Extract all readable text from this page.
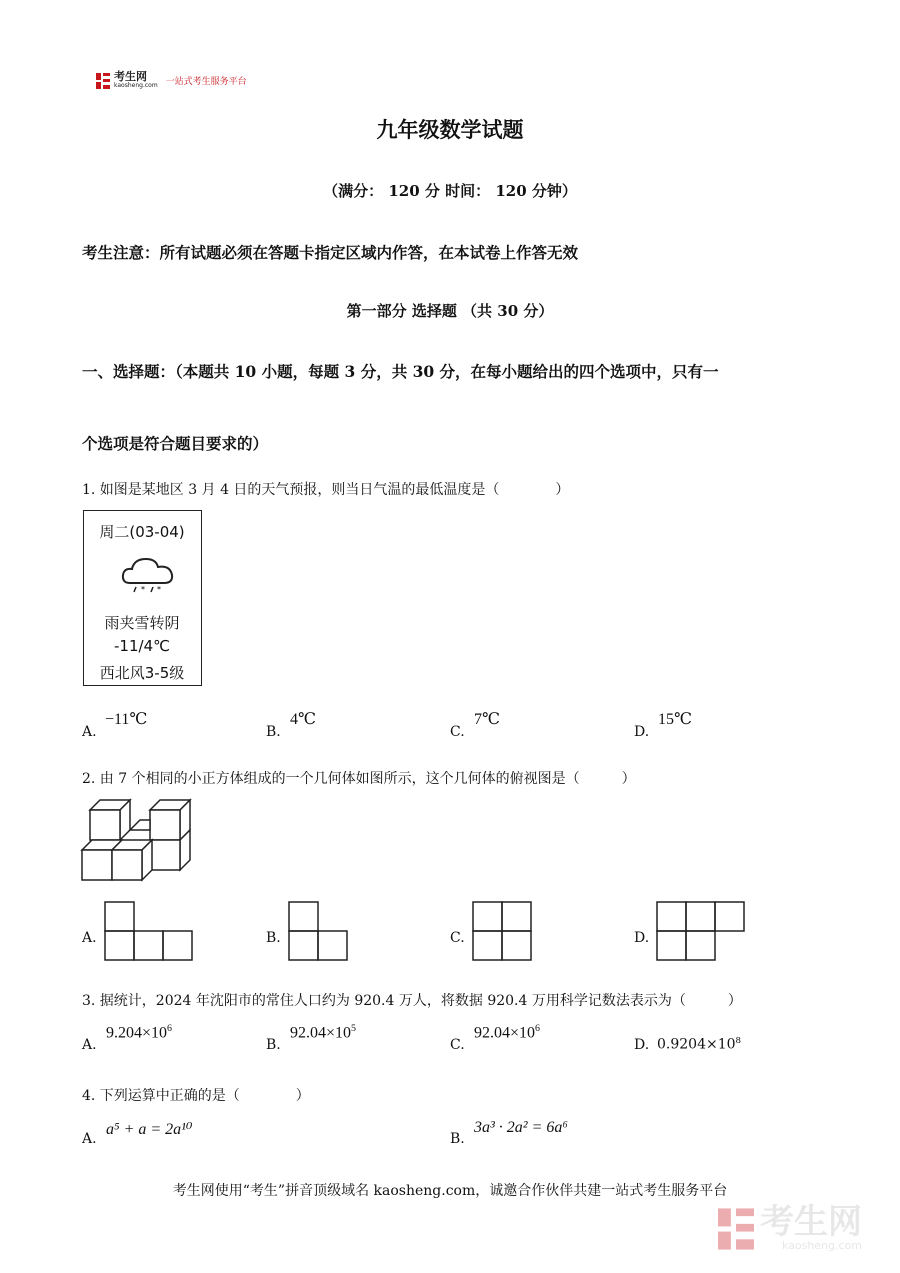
考生网
kaosheng.com 一站式考生服务平台
九年级数学试题
（满分： 120 分 时间： 120 分钟）
考生注意：所有试题必须在答题卡指定区域内作答，在本试卷上作答无效
第一部分 选择题 （共 30 分）
一、选择题：（本题共 10 小题，每题 3 分，共 30 分，在每小题给出的四个选项中，只有一
个选项是符合题目要求的）
1. 如图是某地区 3 月 4 日的天气预报，则当日气温的最低温度是（　　　　）
周二(03-04)
* *
雨夹雪转阴
-11/4℃
西北风3-5级
A.
−11℃
B.
4℃
C.
7℃
D.
15℃
2. 由 7 个相同的小正方体组成的一个几何体如图所示，这个几何体的俯视图是（　　　）
A.	B.	C.	D.
3. 据统计，2024 年沈阳市的常住人口约为 920.4 万人，将数据 920.4 万用科学记数法表示为（　　　）
A.
$9.204\times 10^6$
B.
$92.04\times 10^5$
C.
$92.04\times 10^6$
D. $0.9204\times 10^8$
4. 下列运算中正确的是（　　　　）
A.
a⁵ + a = 2a¹⁰
B.
3a³ · 2a² = 6a⁶
考生网使用“考生”拼音顶级域名 kaosheng.com，诚邀合作伙伴共建一站式考生服务平台
考生网
kaosheng.com
